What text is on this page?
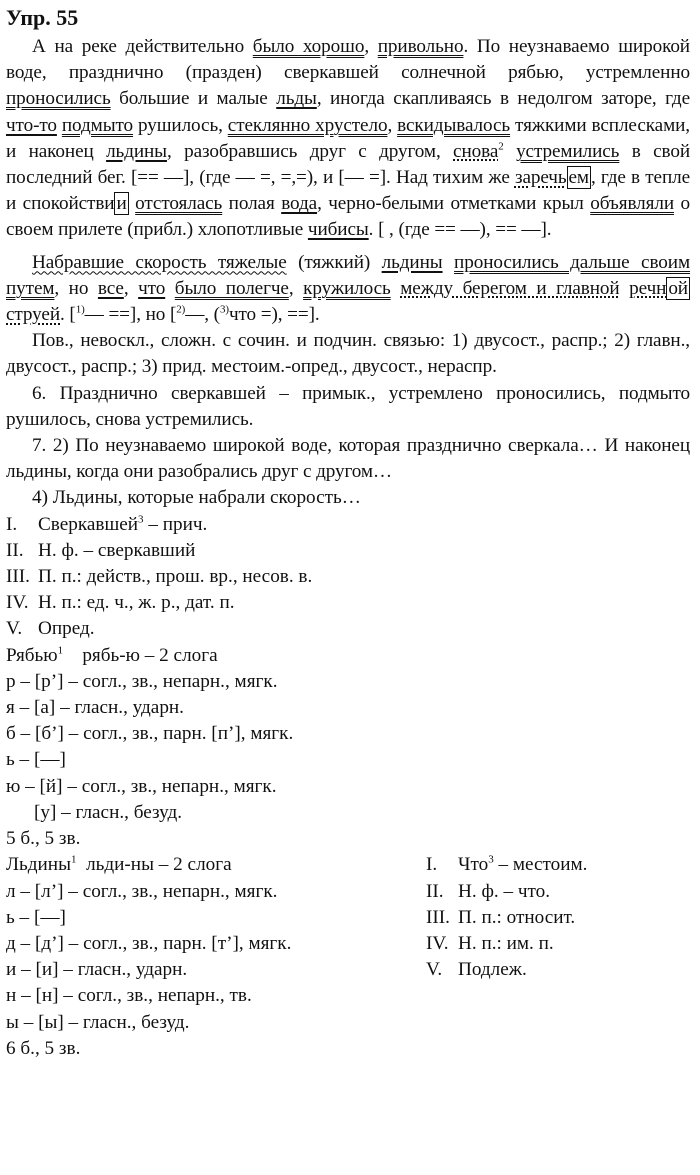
Упр. 55

А на реке действительно было хорошо, привольно. По неузнаваемо широкой воде, празднично (празден) сверкавшей солнечной рябью, устремленно проносились большие и малые льды, иногда скапливаясь в недолгом заторе, где что-то подмыто рушилось, стеклянно хрустело, вскидывалось тяжкими всплесками, и наконец льдины, разобравшись друг с другом, снова$^2$ устремились в свой последний бег. [== —], (где — =, =,=), и [— =]. Над тихим же заречь ем , где в тепле и спокойстви и отстоялась полая вода, черно-белыми отметками крыл объявляли о своем прилете (прибл.) хлопотливые чибисы. [ , (где == —), == —].

Набравшие скорость тяжелые (тяжкий) льдины проносились дальше своим путем, но все, что было полегче, кружилось между берегом и главной речн ой струей. [$^{1)}$— ==], но [$^{2)}$—, ($^{3)}$что =), ==].

Пов., невоскл., сложн. с сочин. и подчин. связью: 1) двусост., распр.; 2) главн., двусост., распр.; 3) прид. местоим.-опред., двусост., нераспр.

6. Празднично сверкавшей – примык., устремлено проносились, подмыто рушилось, снова устремились.

7. 2) По неузнаваемо широкой воде, которая празднично сверкала… И наконец льдины, когда они разобрались друг с другом…

4) Льдины, которые набрали скорость…

I. Сверкавшей$^3$ – прич.
II. Н. ф. – сверкавший
III. П. п.: действ., прош. вр., несов. в.
IV. Н. п.: ед. ч., ж. р., дат. п.
V. Опред.
Рябью$^1$ рябь-ю – 2 слога
р – [р’] – согл., зв., непарн., мягк.
я – [а] – гласн., ударн.
б – [б’] – согл., зв., парн. [п’], мягк.
ь – [—]
ю – [й] – согл., зв., непарн., мягк.
[у] – гласн., безуд.
5 б., 5 зв.
Льдины$^1$ льди-ны – 2 слога
л – [л’] – согл., зв., непарн., мягк.
ь – [—]
д – [д’] – согл., зв., парн. [т’], мягк.
и – [и] – гласн., ударн.
н – [н] – согл., зв., непарн., тв.
ы – [ы] – гласн., безуд.
6 б., 5 зв.
I. Что$^3$ – местоим.
II. Н. ф. – что.
III. П. п.: относит.
IV. Н. п.: им. п.
V. Подлеж.
